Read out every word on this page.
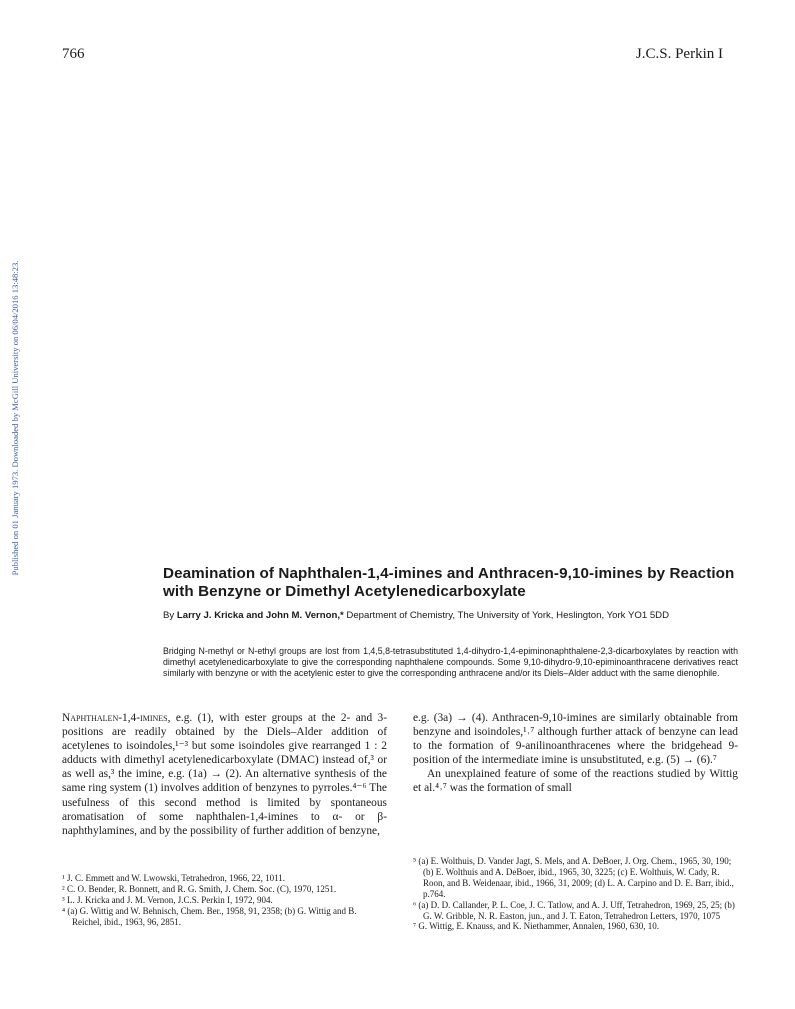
766	J.C.S. Perkin I
Published on 01 January 1973. Downloaded by McGill University on 06/04/2016 13:48:23.	Deamination of Naphthalen-1,4-imines and Anthracen-9,10-imines by Reaction with Benzyne or Dimethyl Acetylenedicarboxylate
By Larry J. Kricka and John M. Vernon,* Department of Chemistry, The University of York, Heslington, York YO1 5DD
Bridging N-methyl or N-ethyl groups are lost from 1,4,5,8-tetrasubstituted 1,4-dihydro-1,4-epiminonaphthalene-2,3-dicarboxylates by reaction with dimethyl acetylenedicarboxylate to give the corresponding naphthalene compounds. Some 9,10-dihydro-9,10-epiminoanthracene derivatives react similarly with benzyne or with the acetylenic ester to give the corresponding anthracene and/or its Diels–Alder adduct with the same dienophile.

Naphthalen-1,4-imines, e.g. (1), with ester groups at the 2- and 3-positions are readily obtained by the Diels–Alder addition of acetylenes to isoindoles,¹⁻³ but some isoindoles give rearranged 1 : 2 adducts with dimethyl acetylenedicarboxylate (DMAC) instead of,³ or as well as,³ the imine, e.g. (1a) → (2). An alternative synthesis of the same ring system (1) involves addition of benzynes to pyrroles.⁴⁻⁶ The usefulness of this second method is limited by spontaneous aromatisation of some naphthalen-1,4-imines to α- or β-naphthylamines, and by the possibility of further addition of benzyne,

e.g. (3a) → (4). Anthracen-9,10-imines are similarly obtainable from benzyne and isoindoles,¹˒⁷ although further attack of benzyne can lead to the formation of 9-anilinoanthracenes where the bridgehead 9-position of the intermediate imine is unsubstituted, e.g. (5) → (6).⁷

An unexplained feature of some of the reactions studied by Wittig et al.⁴˒⁷ was the formation of small

¹ J. C. Emmett and W. Lwowski, Tetrahedron, 1966, 22, 1011.
² C. O. Bender, R. Bonnett, and R. G. Smith, J. Chem. Soc. (C), 1970, 1251.
³ L. J. Kricka and J. M. Vernon, J.C.S. Perkin I, 1972, 904.
⁴ (a) G. Wittig and W. Behnisch, Chem. Ber., 1958, 91, 2358; (b) G. Wittig and B. Reichel, ibid., 1963, 96, 2851.
⁵ (a) E. Wolthuis, D. Vander Jagt, S. Mels, and A. DeBoer, J. Org. Chem., 1965, 30, 190; (b) E. Wolthuis and A. DeBoer, ibid., 1965, 30, 3225; (c) E. Wolthuis, W. Cady, R. Roon, and B. Weidenaar, ibid., 1966, 31, 2009; (d) L. A. Carpino and D. E. Barr, ibid., p.764.
⁶ (a) D. D. Callander, P. L. Coe, J. C. Tatlow, and A. J. Uff, Tetrahedron, 1969, 25, 25; (b) G. W. Gribble, N. R. Easton, jun., and J. T. Eaton, Tetrahedron Letters, 1970, 1075
⁷ G. Wittig, E. Knauss, and K. Niethammer, Annalen, 1960, 630, 10.
